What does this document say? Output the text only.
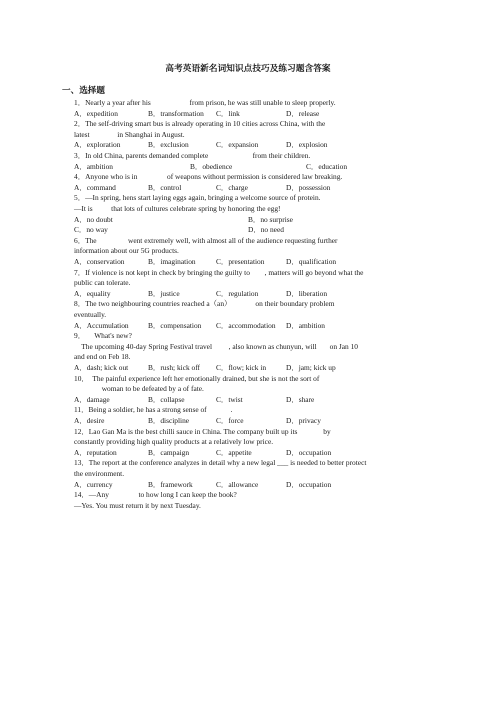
高考英语新名词知识点技巧及练习题含答案
一、选择题
1．Nearly a year after his                     from prison, he was still unable to sleep properly.
A．expedition	B．transformation C．link	D．release
2．The self-driving smart bus is already operating in 10 cities across China, with the
latest               in Shanghai in August.
A．exploration	B．exclusion	C．expansion	D．explosion
3．In old China, parents demanded complete                        from their children.
A．ambition	B．obedience	C．education
4．Anyone who is in                of weapons without permission is considered law breaking.
A．command	B．control	C．charge	D．possession
5．—In spring, hens start laying eggs again, bringing a welcome source of protein.
—It is          that lots of cultures celebrate spring by honoring the egg!
A．no doubt	B．no surprise
C．no way	D．no need
6．The                 went extremely well, with almost all of the audience requesting further
information about our 5G products.
A．conservation	B．imagination	C．presentation	D．qualification
7．If violence is not kept in check by bringing the guilty to        , matters will go beyond what the
public can tolerate.
A．equality	B．justice	C．regulation	D．liberation
8．The two neighbouring countries reached a（an）             on their boundary problem
eventually.
A．Accumulation	B．compensation C．accommodation D．ambition
9．     What's new?
The upcoming 40-day Spring Festival travel         , also known as chunyun, will       on Jan 10
and end on Feb 18.
A．dash; kick out	B．rush; kick off C．flow; kick in	D．jam; kick up
10．  The painful experience left her emotionally drained, but she is not the sort of
woman to be defeated by a of fate.
A．damage	B．collapse	C．twist	D．share
11．Being a soldier, he has a strong sense of             .
A．desire	B．discipline	C．force	D．privacy
12．Lao Gan Ma is the best chilli sauce in China. The company built up its              by
constantly providing high quality products at a relatively low price.
A．reputation	B．campaign	C．appetite	D．occupation
13．The report at the conference analyzes in detail why a new legal ___ is needed to better protect
the environment.
A．currency	B．framework	C．allowance	D．occupation
14．—Any                to how long I can keep the book?
—Yes. You must return it by next Tuesday.
